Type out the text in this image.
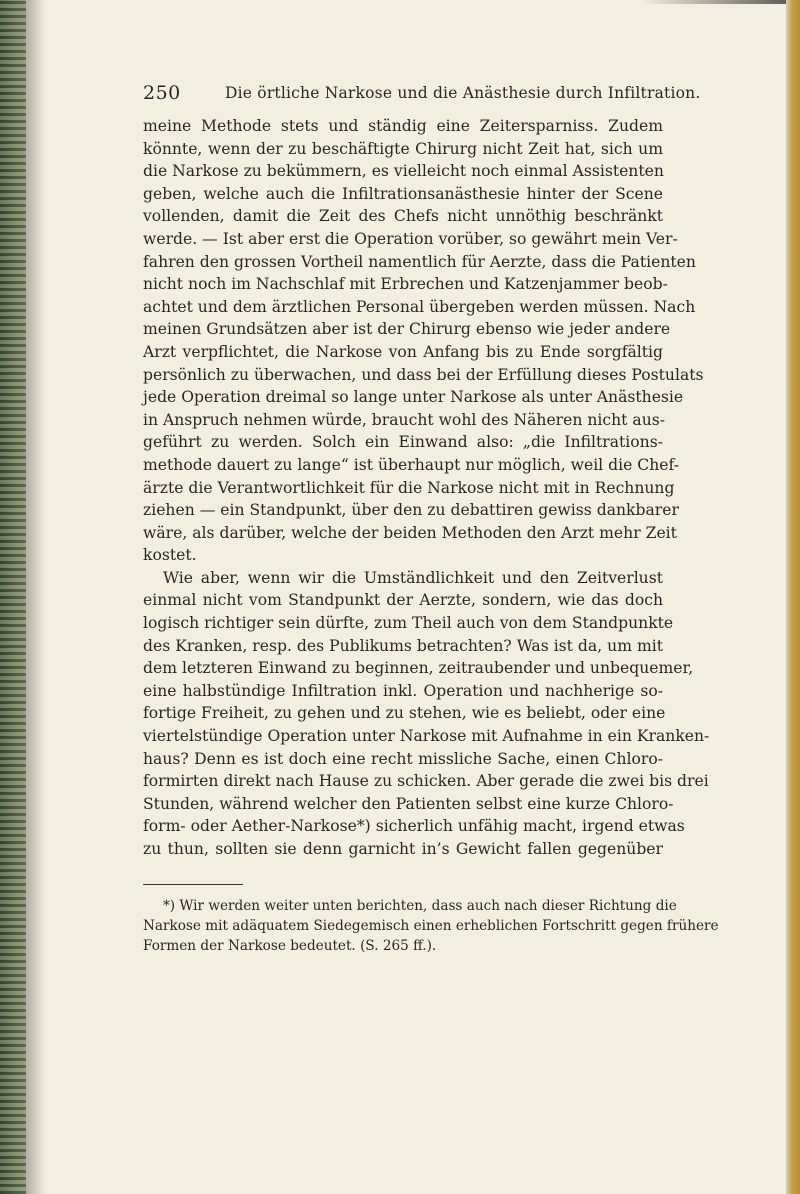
250	Die örtliche Narkose und die Anästhesie durch Infiltration.
meine Methode stets und ständig eine Zeitersparniss. Zudem
könnte, wenn der zu beschäftigte Chirurg nicht Zeit hat, sich um
die Narkose zu bekümmern, es vielleicht noch einmal Assistenten
geben, welche auch die Infiltrationsanästhesie hinter der Scene
vollenden, damit die Zeit des Chefs nicht unnöthig beschränkt
werde. — Ist aber erst die Operation vorüber, so gewährt mein Ver-
fahren den grossen Vortheil namentlich für Aerzte, dass die Patienten
nicht noch im Nachschlaf mit Erbrechen und Katzenjammer beob-
achtet und dem ärztlichen Personal übergeben werden müssen. Nach
meinen Grundsätzen aber ist der Chirurg ebenso wie jeder andere
Arzt verpflichtet, die Narkose von Anfang bis zu Ende sorgfältig
persönlich zu überwachen, und dass bei der Erfüllung dieses Postulats
jede Operation dreimal so lange unter Narkose als unter Anästhesie
in Anspruch nehmen würde, braucht wohl des Näheren nicht aus-
geführt zu werden. Solch ein Einwand also: „die Infiltrations-
methode dauert zu lange“ ist überhaupt nur möglich, weil die Chef-
ärzte die Verantwortlichkeit für die Narkose nicht mit in Rechnung
ziehen — ein Standpunkt, über den zu debattiren gewiss dankbarer
wäre, als darüber, welche der beiden Methoden den Arzt mehr Zeit
kostet.
Wie aber, wenn wir die Umständlichkeit und den Zeitverlust
einmal nicht vom Standpunkt der Aerzte, sondern, wie das doch
logisch richtiger sein dürfte, zum Theil auch von dem Standpunkte
des Kranken, resp. des Publikums betrachten? Was ist da, um mit
dem letzteren Einwand zu beginnen, zeitraubender und unbequemer,
eine halbstündige Infiltration inkl. Operation und nachherige so-
fortige Freiheit, zu gehen und zu stehen, wie es beliebt, oder eine
viertelstündige Operation unter Narkose mit Aufnahme in ein Kranken-
haus? Denn es ist doch eine recht missliche Sache, einen Chloro-
formirten direkt nach Hause zu schicken. Aber gerade die zwei bis drei
Stunden, während welcher den Patienten selbst eine kurze Chloro-
form- oder Aether-Narkose*) sicherlich unfähig macht, irgend etwas
zu thun, sollten sie denn garnicht in’s Gewicht fallen gegenüber
*) Wir werden weiter unten berichten, dass auch nach dieser Richtung die
Narkose mit adäquatem Siedegemisch einen erheblichen Fortschritt gegen frühere
Formen der Narkose bedeutet. (S. 265 ff.).
